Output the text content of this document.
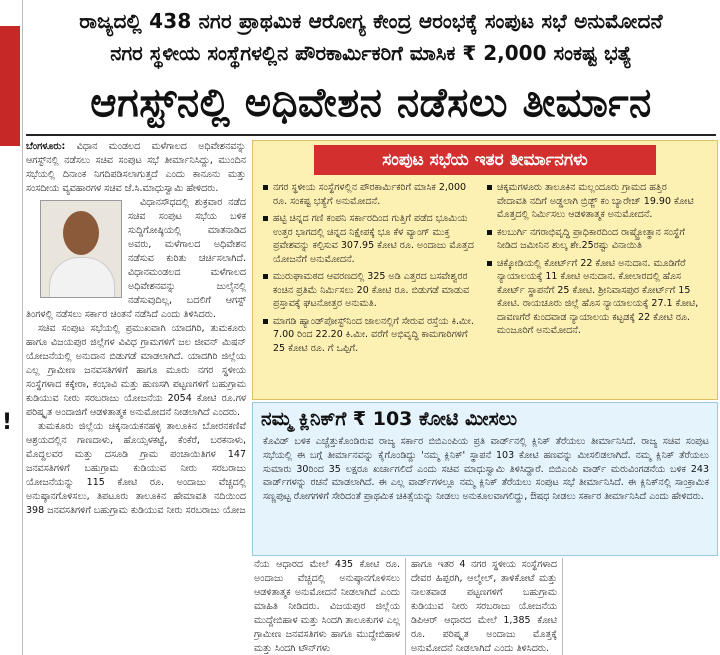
!
ರಾಜ್ಯದಲ್ಲಿ 438 ನಗರ ಪ್ರಾಥಮಿಕ ಆರೋಗ್ಯ ಕೇಂದ್ರ ಆರಂಭಕ್ಕೆ ಸಂಪುಟ ಸಭೆ ಅನುಮೋದನೆ
ನಗರ ಸ್ಥಳೀಯ ಸಂಸ್ಥೆಗಳಲ್ಲಿನ ಪೌರಕಾರ್ಮಿಕರಿಗೆ ಮಾಸಿಕ ₹ 2,000 ಸಂಕಷ್ಟ ಭತ್ಯೆ
ಆಗಸ್ಟ್‌ನಲ್ಲಿ ಅಧಿವೇಶನ ನಡೆಸಲು ತೀರ್ಮಾನ

ಬೆಂಗಳೂರು: ವಿಧಾನ ಮಂಡಲದ ಮಳೆಗಾಲದ ಅಧಿವೇಶನವನ್ನು ಆಗಸ್ಟ್‌ನಲ್ಲಿ ನಡೆಸಲು ಸಚಿವ ಸಂಪುಟ ಸಭೆ ತೀರ್ಮಾನಿಸಿದ್ದು, ಮುಂದಿನ ಸಭೆಯಲ್ಲಿ ದಿನಾಂಕ ನಿಗದಿಪಡಿಸಲಾಗುತ್ತದೆ ಎಂದು ಕಾನೂನು ಮತ್ತು ಸಂಸದೀಯ ವ್ಯವಹಾರಗಳ ಸಚಿವ ಜೆ.ಸಿ.ಮಾಧುಸ್ವಾಮಿ ಹೇಳಿದರು.

ವಿಧಾನಸೌಧದಲ್ಲಿ ಶುಕ್ರವಾರ ನಡೆದ ಸಚಿವ ಸಂಪುಟ ಸಭೆಯ ಬಳಿಕ ಸುದ್ದಿಗೋಷ್ಠಿಯಲ್ಲಿ ಮಾತನಾಡಿದ ಅವರು, ಮಳೆಗಾಲದ ಅಧಿವೇಶನ ನಡೆಸುವ ಕುರಿತು ಚರ್ಚಿಸಲಾಗಿದೆ. ವಿಧಾನಮಂಡಲದ ಮಳೆಗಾಲದ ಅಧಿವೇಶನವನ್ನು ಜುಲೈನಲ್ಲಿ ನಡೆಸುವುದಿಲ್ಲ, ಬದಲಿಗೆ ಆಗಸ್ಟ್ ತಿಂಗಳಲ್ಲಿ ನಡೆಸಲು ಸರ್ಕಾರ ಚಿಂತನೆ ನಡೆಸಿದೆ ಎಂದು ತಿಳಿಸಿದರು.

ಸಚಿವ ಸಂಪುಟ ಸಭೆಯಲ್ಲಿ ಪ್ರಮುಖವಾಗಿ ಯಾದಗಿರಿ, ತುಮಕೂರು ಹಾಗೂ ವಿಜಯಪುರ ಜಿಲ್ಲೆಗಳ ವಿವಿಧ ಗ್ರಾಮಗಳಿಗೆ ಜಲ ಜೀವನ್ ಮಿಷನ್ ಯೋಜನೆಯಲ್ಲಿ ಅನುದಾನ ಬಿಡುಗಡೆ ಮಾಡಲಾಗಿದೆ. ಯಾದಗಿರಿ ಜಿಲ್ಲೆಯ ಎಲ್ಲ ಗ್ರಾಮೀಣ ಜನವಸತಿಗಳಿಗೆ ಹಾಗೂ ಮೂರು ನಗರ ಸ್ಥಳೀಯ ಸಂಸ್ಥೆಗಳಾದ ಕಕ್ಕೇರಾ, ಕಂಭಾವಿ ಮತ್ತು ಹುಣಸಗಿ ಪಟ್ಟಣಗಳಿಗೆ ಬಹುಗ್ರಾಮ ಕುಡಿಯುವ ನೀರು ಸರಬರಾಜು ಯೋಜನೆಯ 2054 ಕೋಟಿ ರೂ.ಗಳ ಪರಿಷ್ಕೃತ ಅಂದಾಜಿಗೆ ಆಡಳಿತಾತ್ಮಕ ಅನುಮೋದನೆ ನೀಡಲಾಗಿದೆ ಎಂದರು.

ತುಮಕೂರು ಜಿಲ್ಲೆಯ ಚಿಕ್ಕನಾಯಕನಹಳ್ಳಿ ತಾಲೂಕಿನ ಬೋರನಕಣಿವೆ ಆಶ್ರಯದಲ್ಲಿನ ಗಾಣದಾಳು, ಹೊಯ್ಸಳಕಟ್ಟೆ, ಕೆಂಕೆರೆ, ಬರಕನಾಳು, ಮೊದ್ದಲವರ ಮತ್ತು ದಸೂಡಿ ಗ್ರಾಮ ಪಂಚಾಯಿತಿಗಳ 147 ಜನವಸತಿಗಳಿಗೆ ಬಹುಗ್ರಾಮ ಕುಡಿಯುವ ನೀರು ಸರಬರಾಜು ಯೋಜನೆಯನ್ನು 115 ಕೋಟಿ ರೂ. ಅಂದಾಜು ವೆಚ್ಚದಲ್ಲಿ ಅನುಷ್ಠಾನಗೊಳಿಸಲು, ತಿಪಟೂರು ತಾಲೂಕಿನ ಹೇಮಾವತಿ ನದಿಯಿಂದ 398 ಜನವಸತಿಗಳಿಗೆ ಬಹುಗ್ರಾಮ ಕುಡಿಯುವ ನೀರು ಸರಬರಾಜು ಯೋಜ

ಸಂಪುಟ ಸಭೆಯ ಇತರ ತೀರ್ಮಾನಗಳು
ನಗರ ಸ್ಥಳೀಯ ಸಂಸ್ಥೆಗಳಲ್ಲಿನ ಪೌರಕಾರ್ಮಿಕರಿಗೆ ಮಾಸಿಕ 2,000 ರೂ. ಸಂಕಷ್ಟ ಭತ್ಯೆಗೆ ಅನುಮೋದನೆ.
ಹಟ್ಟಿ ಚಿನ್ನದ ಗಣಿ ಕಂಪನಿ ಸರ್ಕಾರದಿಂದ ಗುತ್ತಿಗೆ ಪಡೆದ ಭೂಮಿಯ ಉತ್ತರ ಭಾಗದಲ್ಲಿ ಚಿನ್ನದ ನಿಕ್ಷೇಪಕ್ಕೆ ಭೂ ಕೆಳ ವ್ಯಾಂಗ್ ಮುಕ್ತ ಪ್ರವೇಶವನ್ನು ಕಲ್ಪಿಸುವ 307.95 ಕೋಟಿ ರೂ. ಅಂದಾಜು ಮೊತ್ತದ ಯೋಜನೆಗೆ ಅನುಮೋದನೆ.
ಮುರುಘಾಮಠದ ಆವರಣದಲ್ಲಿ 325 ಅಡಿ ಎತ್ತರದ ಬಸವೇಶ್ವರರ ಕಂಚಿನ ಪ್ರತಿಮೆ ನಿರ್ಮಿಸಲು 20 ಕೋಟಿ ರೂ. ಬಿಡುಗಡೆ ಮಾಡುವ ಪ್ರಸ್ತಾವಕ್ಕೆ ಘಟನೋತ್ತರ ಅನುಮತಿ.
ಮಾಗಡಿ ಹ್ಯಾಂಡ್‌ಪೋಸ್ಟ್‌ನಿಂದ ಜಾಲನಲ್ಲಿಗೆ ಸೇರುವ ರಸ್ತೆಯ ಕಿ.ಮೀ. 7.00 ರಿಂದ 22.20 ಕಿ.ಮೀ. ವರೆಗೆ ಅಭಿವೃದ್ಧಿ ಕಾಮಗಾರಿಗಳಿಗೆ 25 ಕೋಟಿ ರೂ. ಗೆ ಒಪ್ಪಿಗೆ.
ಚಿಕ್ಕಮಗಳೂರು ತಾಲೂಕಿನ ಮಲ್ಲಂದೂರು ಗ್ರಾಮದ ಹತ್ತಿರ ವೇದಾವತಿ ನದಿಗೆ ಅಡ್ಡಲಾಗಿ ಬ್ರಿಡ್ಜ್ ಕಂ ಬ್ಯಾರೇಜ್ 19.90 ಕೋಟಿ ಮೊತ್ತದಲ್ಲಿ ನಿರ್ಮಿಸಲು ಆಡಳಿತಾತ್ಮಕ ಅನುಮೋದನೆ.
ಕಲಬುರ್ಗಿ ನಗರಾಭಿವೃದ್ಧಿ ಪ್ರಾಧಿಕಾರದಿಂದ ರಾಷ್ಟ್ರೋತ್ಥಾನ ಸಂಸ್ಥೆಗೆ ನೀಡಿದ ಜಮೀನಿನ ಶುಲ್ಕ ಶೇ.25ರಷ್ಟು ವಿನಾಯಿತಿ
ಚಿಕ್ಕೋಡಿಯಲ್ಲಿ ಕೋರ್ಟ್‌ಗೆ 22 ಕೋಟಿ ಅನುದಾನ. ಮೂಡಿಗೆರೆ ನ್ಯಾಯಾಲಯಕ್ಕೆ 11 ಕೋಟಿ ಅನುದಾನ. ಕೋಲಾರದಲ್ಲಿ ಹೊಸ ಕೋರ್ಟ್ ಸ್ಥಾಪನೆಗೆ 25 ಕೋಟಿ. ಶ್ರೀನಿವಾಸಪುರ ಕೋರ್ಟ್‌ಗೆ 15 ಕೋಟಿ. ರಾಯಚೂರು ಜಿಲ್ಲೆ ಹೊಸ ನ್ಯಾಯಾಲಯಕ್ಕೆ 27.1 ಕೋಟಿ, ದಾವಣಗೆರೆ ಕುಂದವಾಡ ನ್ಯಾಯಾಲಯ ಕಟ್ಟಡಕ್ಕೆ 22 ಕೋಟಿ ರೂ. ಮಂಜೂರಿಗೆ ಅನುಮೋದನೆ.
ನಮ್ಮ ಕ್ಲಿನಿಕ್‌ಗೆ ₹ 103 ಕೋಟಿ ಮೀಸಲು
ಕೊವಿಡ್ ಬಳಿಕ ಎಚ್ಚೆತ್ತುಕೊಂಡಿರುವ ರಾಜ್ಯ ಸರ್ಕಾರ ಬಿಬಿಎಂಪಿಯ ಪ್ರತಿ ವಾರ್ಡ್‌ನಲ್ಲಿ ಕ್ಲಿನಿಕ್ ತೆರೆಯಲು ತೀರ್ಮಾನಿಸಿದೆ. ರಾಜ್ಯ ಸಚಿವ ಸಂಪುಟ ಸಭೆಯಲ್ಲಿ ಈ ಬಗ್ಗೆ ತೀರ್ಮಾನವನ್ನು ಕೈಗೊಂಡಿದ್ದು 'ನಮ್ಮ ಕ್ಲಿನಿಕ್' ಸ್ಥಾಪನೆ 103 ಕೋಟಿ ಹಣವನ್ನು ಮೀಸಲಿಡಲಾಗಿದೆ. ನಮ್ಮ ಕ್ಲಿನಿಕ್ ತೆರೆಯಲು ಸುಮಾರು 30ರಿಂದ 35 ಲಕ್ಷರೂ ಖರ್ಚಾಗಲಿದೆ ಎಂದು ಸಚಿವ ಮಾಧುಸ್ವಾಮಿ ತಿಳಿಸಿದ್ದಾರೆ. ಬಿಬಿಎಂಪಿ ವಾರ್ಡ್ ಮರುವಿಂಗಡನೆಯ ಬಳಿಕ 243 ವಾರ್ಡ್‌ಗಳನ್ನು ರಚನೆ ಮಾಡಲಾಗಿದೆ. ಈ ಎಲ್ಲ ವಾರ್ಡ್‌ಗಳಲ್ಲೂ ನಮ್ಮ ಕ್ಲಿನಿಕ್ ತೆರೆಯಲು ಸಂಪುಟ ಸಭೆ ತೀರ್ಮಾನಿಸಿದೆ. ಈ ಕ್ಲಿನಿಕ್‌ನಲ್ಲಿ ಸಾಂಕ್ರಾಮಿಕ ಸಣ್ಣಪುಟ್ಟ ರೋಗಗಳಿಗೆ ಸೇರಿದಂತೆ ಪ್ರಾಥಮಿಕ ಚಿಕಿತ್ಸೆಯನ್ನು ನೀಡಲು ಅನುಕೂಲವಾಗಲಿದ್ದು, ಔಷಧ ನೀಡಲು ಸರ್ಕಾರ ತೀರ್ಮಾನಿಸಿದೆ ಎಂದು ಹೇಳಿದರು.
ನೆಯ ಆಧಾರದ ಮೇಲೆ 435 ಕೋಟಿ ರೂ. ಅಂದಾಜು ವೆಚ್ಚದಲ್ಲಿ ಅನುಷ್ಠಾನಗೊಳಿಸಲು ಆಡಳಿತಾತ್ಮಕ ಅನುಮೋದನೆ ನೀಡಲಾಗಿದೆ ಎಂದು ಮಾಹಿತಿ ನೀಡಿದರು. ವಿಜಯಪುರ ಜಿಲ್ಲೆಯ ಮುದ್ದೇಬಿಹಾಳ ಮತ್ತು ಸಿಂದಗಿ ತಾಲೂಕುಗಳ ಎಲ್ಲ ಗ್ರಾಮೀಣ ಜನವಸತಿಗಳು ಹಾಗೂ ಮುದ್ದೇಬಿಹಾಳ ಮತ್ತು ಸಿಂದಗಿ ಟೌನ್‌ಗಳು
ಹಾಗೂ ಇತರ 4 ನಗರ ಸ್ಥಳೀಯ ಸಂಸ್ಥೆಗಳಾದ ದೇವರ ಹಿಪ್ಪರಗಿ, ಆಲ್ಮೇಲ್, ತಾಳಿಕೋಟೆ ಮತ್ತು ನಾಲತವಾಡ ಪಟ್ಟಣಗಳಿಗೆ ಬಹುಗ್ರಾಮ ಕುಡಿಯುವ ನೀರು ಸರಬರಾಜು ಯೋಜನೆಯ ಡಿಪಿಆರ್ ಆಧಾರದ ಮೇಲೆ 1,385 ಕೋಟಿ ರೂ. ಪರಿಷ್ಕೃತ ಅಂದಾಜು ಮೊತ್ತಕ್ಕೆ ಅನುಮೋದನೆ ನೀಡಲಾಗಿದೆ ಎಂದು ತಿಳಿಸಿದರು.
